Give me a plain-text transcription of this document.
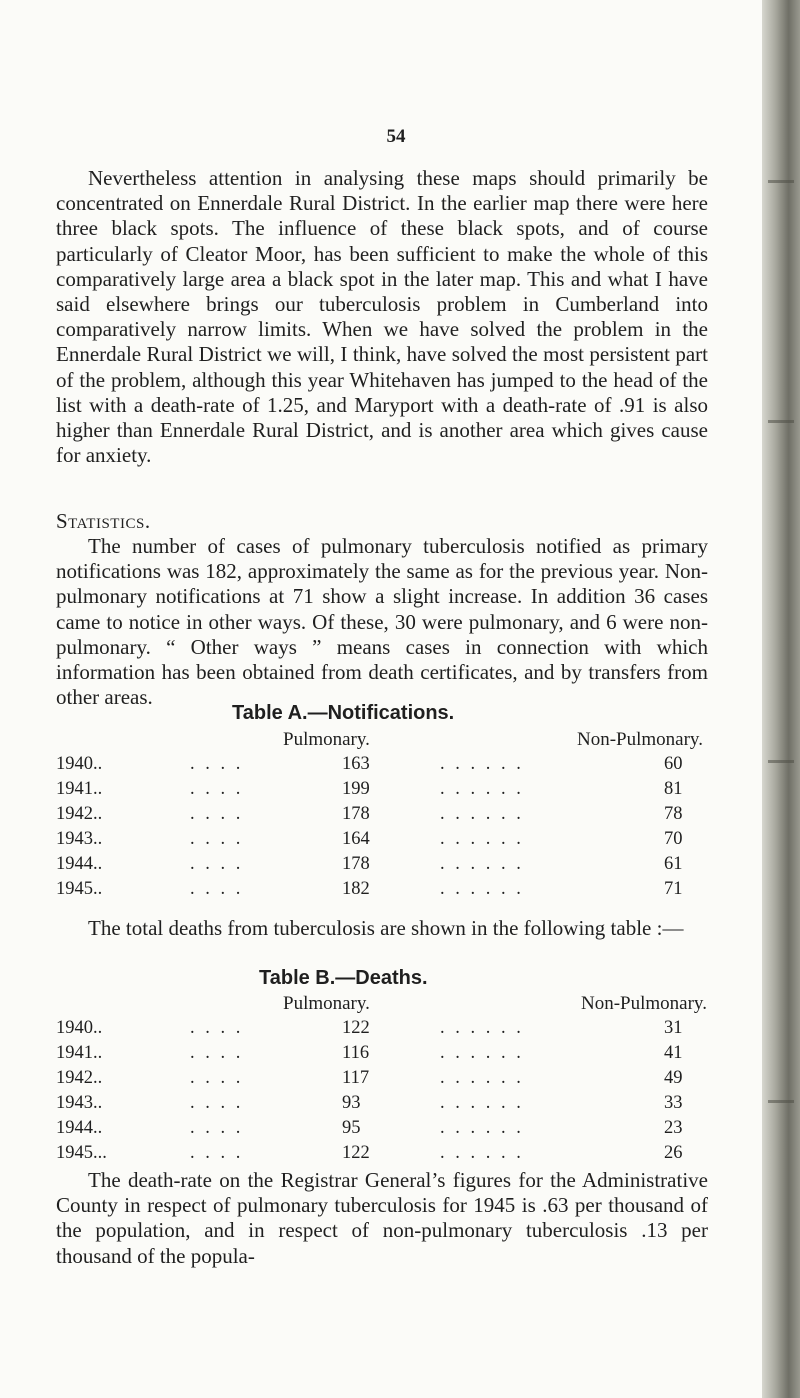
54

Nevertheless attention in analysing these maps should primarily be concentrated on Ennerdale Rural District. In the earlier map there were here three black spots. The influence of these black spots, and of course particularly of Cleator Moor, has been sufficient to make the whole of this comparatively large area a black spot in the later map. This and what I have said elsewhere brings our tuberculosis problem in Cumberland into comparatively narrow limits. When we have solved the problem in the Ennerdale Rural District we will, I think, have solved the most persistent part of the problem, although this year Whitehaven has jumped to the head of the list with a death-rate of 1.25, and Maryport with a death-rate of .91 is also higher than Ennerdale Rural District, and is another area which gives cause for anxiety.

Statistics.

The number of cases of pulmonary tuberculosis notified as primary notifications was 182, approximately the same as for the previous year. Non-pulmonary notifications at 71 show a slight increase. In addition 36 cases came to notice in other ways. Of these, 30 were pulmonary, and 6 were non-pulmonary. “ Other ways ” means cases in connection with which information has been obtained from death certificates, and by transfers from other areas.

Table A.—Notifications.
Pulmonary.	Non-Pulmonary.
1940..	. . . .	163	. . . . . .	60
1941..	. . . .	199	. . . . . .	81
1942..	. . . .	178	. . . . . .	78
1943..	. . . .	164	. . . . . .	70
1944..	. . . .	178	. . . . . .	61
1945..	. . . .	182	. . . . . .	71

The total deaths from tuberculosis are shown in the following table :—

Table B.—Deaths.
Pulmonary.	Non-Pulmonary.
1940..	. . . .	122	. . . . . .	31
1941..	. . . .	116	. . . . . .	41
1942..	. . . .	117	. . . . . .	49
1943..	. . . .	93	. . . . . .	33
1944..	. . . .	95	. . . . . .	23
1945...	. . . .	122	. . . . . .	26

The death-rate on the Registrar General’s figures for the Administrative County in respect of pulmonary tuberculosis for 1945 is .63 per thousand of the population, and in respect of non-pulmonary tuberculosis .13 per thousand of the popula-
